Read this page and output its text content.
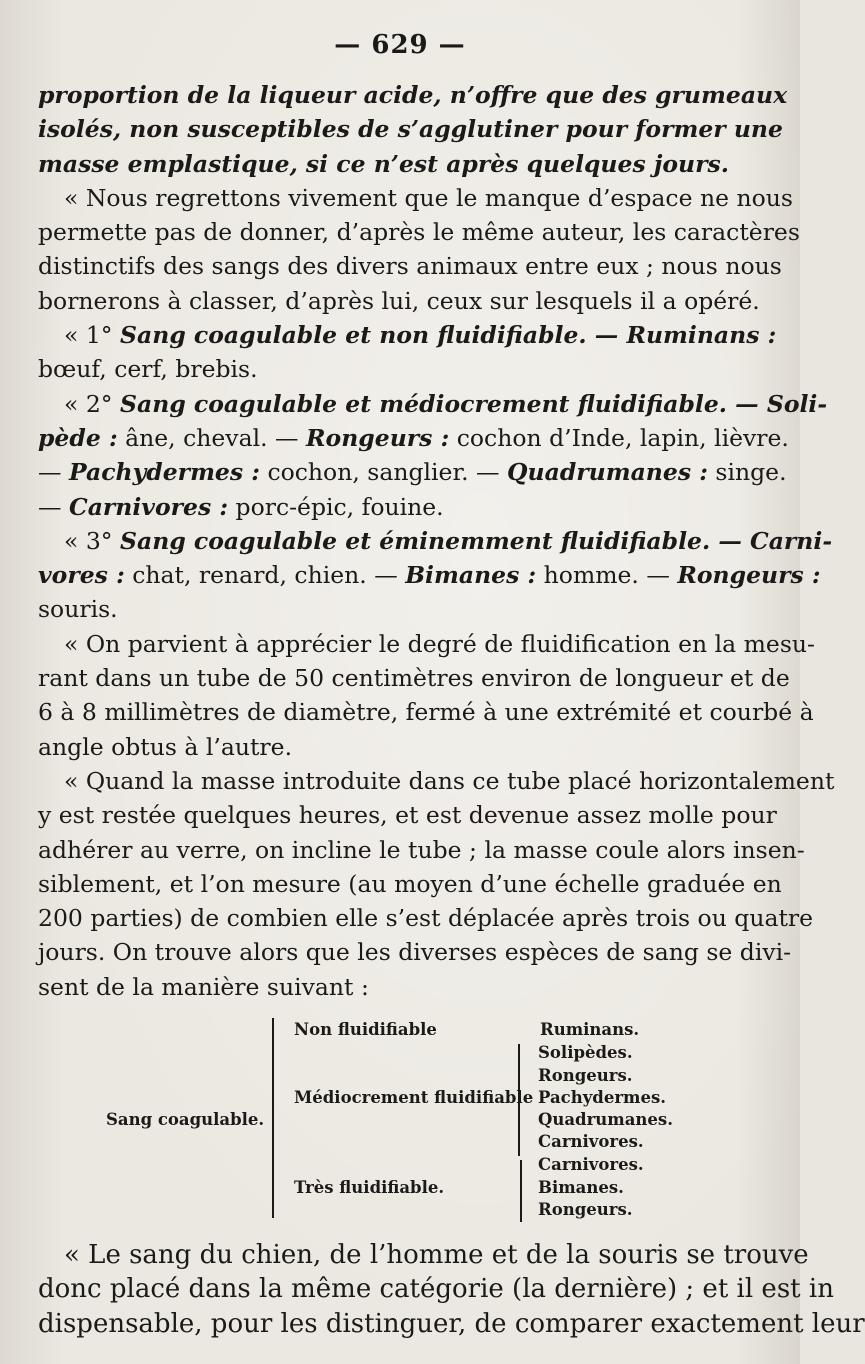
— 629 —
proportion de la liqueur acide, n’offre que des grumeaux
isolés, non susceptibles de s’agglutiner pour former une
masse emplastique, si ce n’est après quelques jours.
« Nous regrettons vivement que le manque d’espace ne nous
permette pas de donner, d’après le même auteur, les caractères
distinctifs des sangs des divers animaux entre eux ; nous nous
bornerons à classer, d’après lui, ceux sur lesquels il a opéré.
« 1° Sang coagulable et non fluidifiable. — Ruminans :
bœuf, cerf, brebis.
« 2° Sang coagulable et médiocrement fluidifiable. — Soli-
pède : âne, cheval. — Rongeurs : cochon d’Inde, lapin, lièvre.
— Pachydermes : cochon, sanglier. — Quadrumanes : singe.
— Carnivores : porc-épic, fouine.
« 3° Sang coagulable et éminemment fluidifiable. — Carni-
vores : chat, renard, chien. — Bimanes : homme. — Rongeurs :
souris.
« On parvient à apprécier le degré de fluidification en la mesu-
rant dans un tube de 50 centimètres environ de longueur et de
6 à 8 millimètres de diamètre, fermé à une extrémité et courbé à
angle obtus à l’autre.
« Quand la masse introduite dans ce tube placé horizontalement
y est restée quelques heures, et est devenue assez molle pour
adhérer au verre, on incline le tube ; la masse coule alors insen-
siblement, et l’on mesure (au moyen d’une échelle graduée en
200 parties) de combien elle s’est déplacée après trois ou quatre
jours. On trouve alors que les diverses espèces de sang se divi-
sent de la manière suivant :
Sang coagulable.
Non fluidifiable
Médiocrement fluidifiable
Très fluidifiable.
Ruminans.
Solipèdes.
Rongeurs.
Pachydermes.
Quadrumanes.
Carnivores.
Carnivores.
Bimanes.
Rongeurs.
« Le sang du chien, de l’homme et de la souris se trouve
donc placé dans la même catégorie (la dernière) ; et il est in
dispensable, pour les distinguer, de comparer exactement leur
